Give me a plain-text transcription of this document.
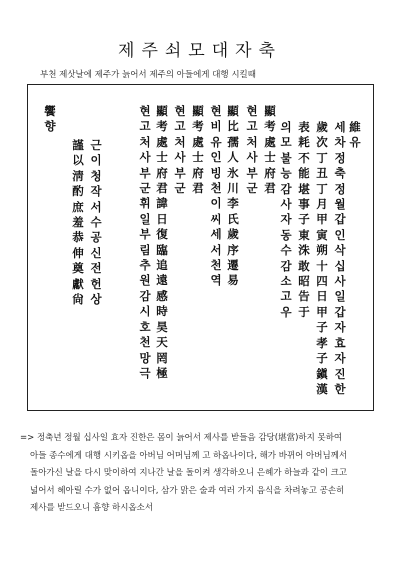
제주쇠모대자축
부천 제삿날에 제주가 늙어서 제주의 아들에게 대행 시킬때
維
유
세
차
정
축
정
월
갑
인
삭
십
사
일
갑
자
효
자
진
한
歲
次
丁
丑
丁
月
甲
寅
朔
十
四
日
甲
子
孝
子
鎭
漢
表
耗
不
能
堪
事
子
東
洙
敢
昭
告
于
의
모
불
능
감
사
자
동
수
감
소
고
우
顯
考
處
士
府
君
현
고
처
사
부
군
顯
比
孺
人
氷
川
李
氏
歲
序
遷
易
현
비
유
인
빙
천
이
씨
세
서
천
역
顯
考
處
士
府
君
현
고
처
사
부
군
顯
考
處
士
府
君
諱
日
復
臨
追
遠
感
時
昊
天
罔
極
현
고
처
사
부
군
휘
일
부
림
추
원
감
시
호
천
망
극
謹
以
淸
酌
庶
羞
恭
伸
奠
獻
尙
근
이
청
작
서
수
공
신
전
헌
상
饗
향
=> 정축년 정월 십사일 효자 진한은 몸이 늙어서 제사를 받들음 감당(堪當)하지 못하여
아들 종수에게 대행 시키옵을 아버님 어머님께 고 하옵나이다, 해가 바뀌어 아버님께서
돌아가신 날을 다시 맞이하여 지나간 날을 돌이켜 생각하오니 은혜가 하늘과 같이 크고
넓어서 헤아릴 수가 없어 옵니이다, 삼가 맑은 술과 여러 가지 음식을 차려놓고 공손히
제사를 받드오니 흠향 하시옵소서
